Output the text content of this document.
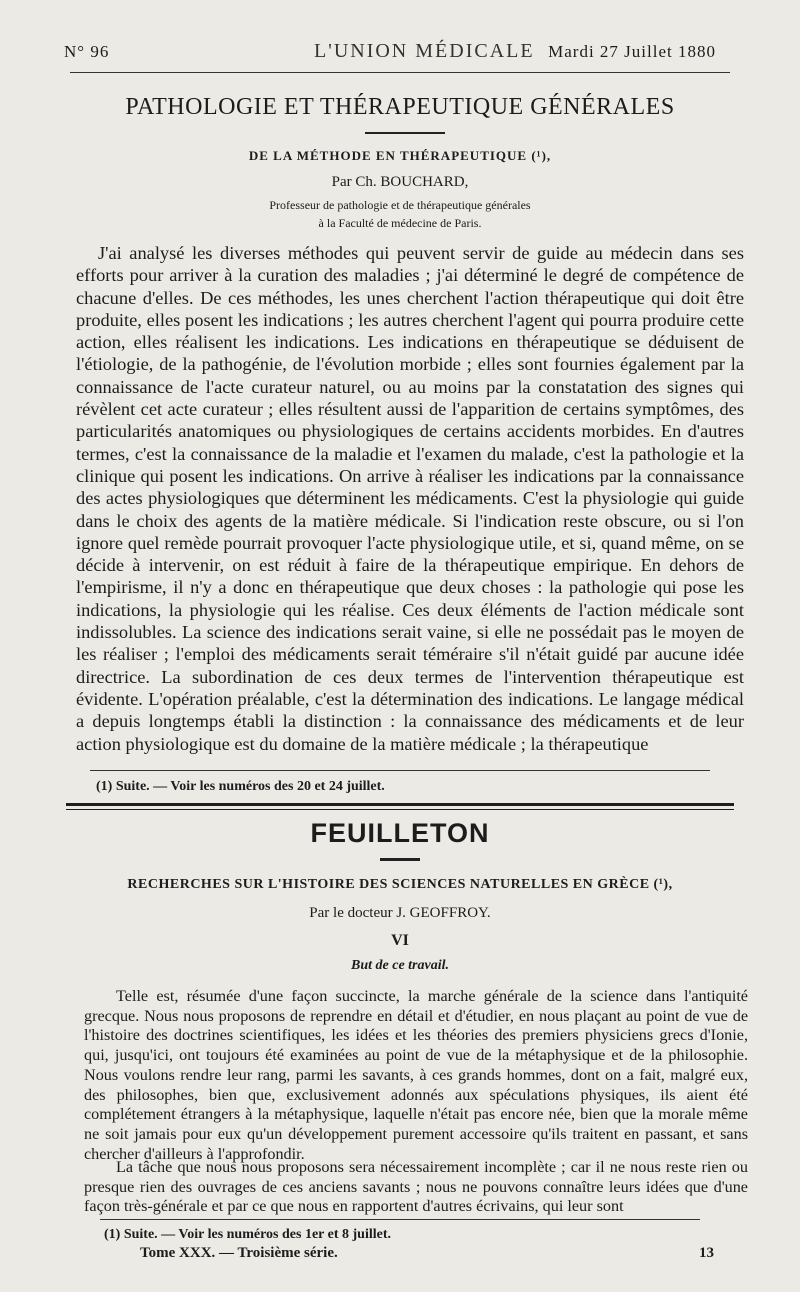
N° 96	L'UNION MÉDICALE Mardi 27 Juillet 1880
PATHOLOGIE ET THÉRAPEUTIQUE GÉNÉRALES
DE LA MÉTHODE EN THÉRAPEUTIQUE (¹),
Par Ch. BOUCHARD,
Professeur de pathologie et de thérapeutique générales
à la Faculté de médecine de Paris.

J'ai analysé les diverses méthodes qui peuvent servir de guide au médecin dans ses efforts pour arriver à la curation des maladies ; j'ai déterminé le degré de compétence de chacune d'elles. De ces méthodes, les unes cherchent l'action thérapeutique qui doit être produite, elles posent les indications ; les autres cherchent l'agent qui pourra produire cette action, elles réalisent les indications. Les indications en thérapeutique se déduisent de l'étiologie, de la pathogénie, de l'évolution morbide ; elles sont fournies également par la connaissance de l'acte curateur naturel, ou au moins par la constatation des signes qui révèlent cet acte curateur ; elles résultent aussi de l'apparition de certains symptômes, des particularités anatomiques ou physiologiques de certains accidents morbides. En d'autres termes, c'est la connaissance de la maladie et l'examen du malade, c'est la pathologie et la clinique qui posent les indications. On arrive à réaliser les indications par la connaissance des actes physiologiques que déterminent les médicaments. C'est la physiologie qui guide dans le choix des agents de la matière médicale. Si l'indication reste obscure, ou si l'on ignore quel remède pourrait provoquer l'acte physiologique utile, et si, quand même, on se décide à intervenir, on est réduit à faire de la thérapeutique empirique. En dehors de l'empirisme, il n'y a donc en thérapeutique que deux choses : la pathologie qui pose les indications, la physiologie qui les réalise. Ces deux éléments de l'action médicale sont indissolubles. La science des indications serait vaine, si elle ne possédait pas le moyen de les réaliser ; l'emploi des médicaments serait téméraire s'il n'était guidé par aucune idée directrice. La subordination de ces deux termes de l'intervention thérapeutique est évidente. L'opération préalable, c'est la détermination des indications. Le langage médical a depuis longtemps établi la distinction : la connaissance des médicaments et de leur action physiologique est du domaine de la matière médicale ; la thérapeutique

(1) Suite. — Voir les numéros des 20 et 24 juillet.
FEUILLETON
RECHERCHES SUR L'HISTOIRE DES SCIENCES NATURELLES EN GRÈCE (¹),
Par le docteur J. GEOFFROY.
VI
But de ce travail.

Telle est, résumée d'une façon succincte, la marche générale de la science dans l'antiquité grecque. Nous nous proposons de reprendre en détail et d'étudier, en nous plaçant au point de vue de l'histoire des doctrines scientifiques, les idées et les théories des premiers physiciens grecs d'Ionie, qui, jusqu'ici, ont toujours été examinées au point de vue de la métaphysique et de la philosophie. Nous voulons rendre leur rang, parmi les savants, à ces grands hommes, dont on a fait, malgré eux, des philosophes, bien que, exclusivement adonnés aux spéculations physiques, ils aient été complétement étrangers à la métaphysique, laquelle n'était pas encore née, bien que la morale même ne soit jamais pour eux qu'un développement purement accessoire qu'ils traitent en passant, et sans chercher d'ailleurs à l'approfondir.

La tâche que nous nous proposons sera nécessairement incomplète ; car il ne nous reste rien ou presque rien des ouvrages de ces anciens savants ; nous ne pouvons connaître leurs idées que d'une façon très-générale et par ce que nous en rapportent d'autres écrivains, qui leur sont

(1) Suite. — Voir les numéros des 1er et 8 juillet.
Tome XXX. — Troisième série.	13
